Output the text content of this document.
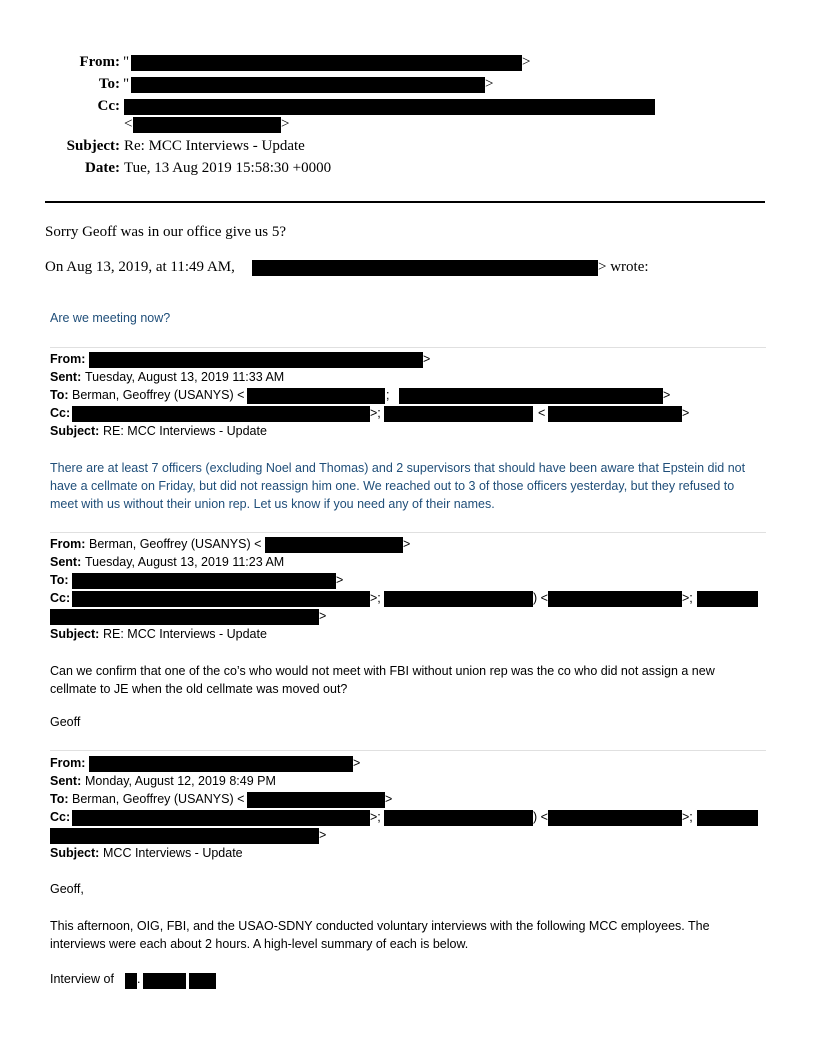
From: "	>
To: "	>
Cc:
<	>
Subject: Re: MCC Interviews - Update
Date: Tue, 13 Aug 2019 15:58:30 +0000
Sorry Geoff was in our office give us 5?
On Aug 13, 2019, at 11:49 AM,	> wrote:
Are we meeting now?
From:	>
Sent: Tuesday, August 13, 2019 11:33 AM
To: Berman, Geoffrey (USANYS) <	;	>
Cc:	>;	<	>
Subject: RE: MCC Interviews - Update
There are at least 7 officers (excluding Noel and Thomas) and 2 supervisors that should have been aware that Epstein did not have a cellmate on Friday, but did not reassign him one. We reached out to 3 of those officers yesterday, but they refused to meet with us without their union rep. Let us know if you need any of their names.
From: Berman, Geoffrey (USANYS) <	>
Sent: Tuesday, August 13, 2019 11:23 AM
To:	>
Cc:	>;	) <	>;
>
Subject: RE: MCC Interviews - Update
Can we confirm that one of the co’s who would not meet with FBI without union rep was the co who did not assign a new cellmate to JE when the old cellmate was moved out?
Geoff
From:	>
Sent: Monday, August 12, 2019 8:49 PM
To: Berman, Geoffrey (USANYS) <	>
Cc:	>;	) <	>;
>
Subject: MCC Interviews - Update
Geoff,
This afternoon, OIG, FBI, and the USAO-SDNY conducted voluntary interviews with the following MCC employees. The interviews were each about 2 hours. A high-level summary of each is below.
Interview of .
